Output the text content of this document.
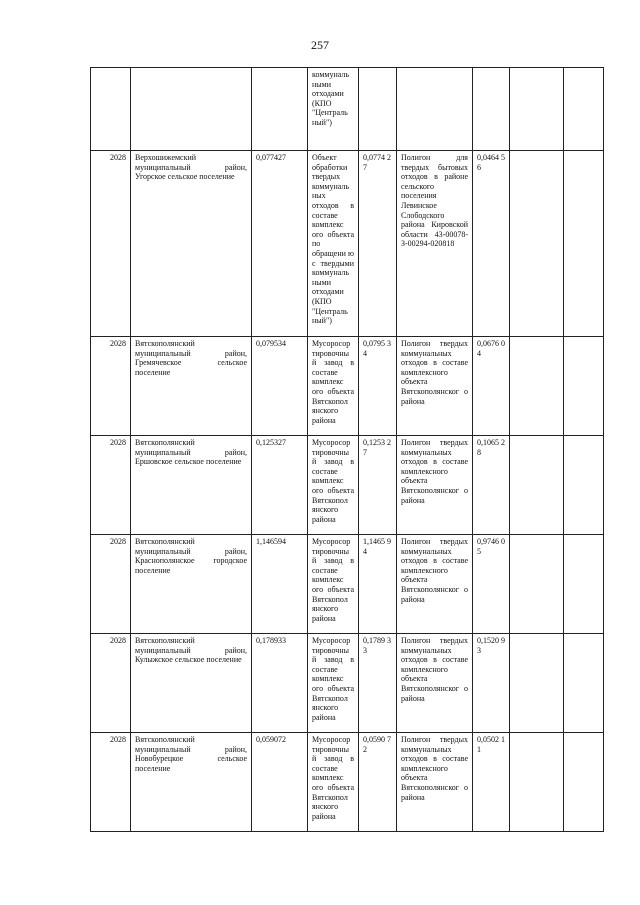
257
			коммуналь ными отходами (КПО "Централь ный")					
2028	Верхошижемский муниципальный район, Угорское сельское поселение	0,077427	Объект обработки твердых коммуналь ных отходов в составе комплекс ого объекта по обращени ю с твердыми коммуналь ными отходами (КПО "Централь ный")	0,0774 27	Полигон для твердых бытовых отходов в районе сельского поселения Левинское Слободского района Кировской области 43-00078-З-00294-020818	0,0464 56		
2028	Вятскополянский муниципальный район, Гремячевское сельское поселение	0,079534	Мусоросор тировочны й завод в составе комплекс ого объекта Вятскопол янского района	0,0795 34	Полигон твердых коммунальных отходов в составе комплексного объекта Вятскополянског о района	0,0676 04		
2028	Вятскополянский муниципальный район, Ершовское сельское поселение	0,125327	Мусоросор тировочны й завод в составе комплекс ого объекта Вятскопол янского района	0,1253 27	Полигон твердых коммунальных отходов в составе комплексного объекта Вятскополянског о района	0,1065 28		
2028	Вятскополянский муниципальный район, Краснополянское городское поселение	1,146594	Мусоросор тировочны й завод в составе комплекс ого объекта Вятскопол янского района	1,1465 94	Полигон твердых коммунальных отходов в составе комплексного объекта Вятскополянског о района	0,9746 05		
2028	Вятскополянский муниципальный район, Кулыжское сельское поселение	0,178933	Мусоросор тировочны й завод в составе комплекс ого объекта Вятскопол янского района	0,1789 33	Полигон твердых коммунальных отходов в составе комплексного объекта Вятскополянског о района	0,1520 93		
2028	Вятскополянский муниципальный район, Новобурецкое сельское поселение	0,059072	Мусоросор тировочны й завод в составе комплекс ого объекта Вятскопол янского района	0,0590 72	Полигон твердых коммунальных отходов в составе комплексного объекта Вятскополянског о района	0,0502 11		
